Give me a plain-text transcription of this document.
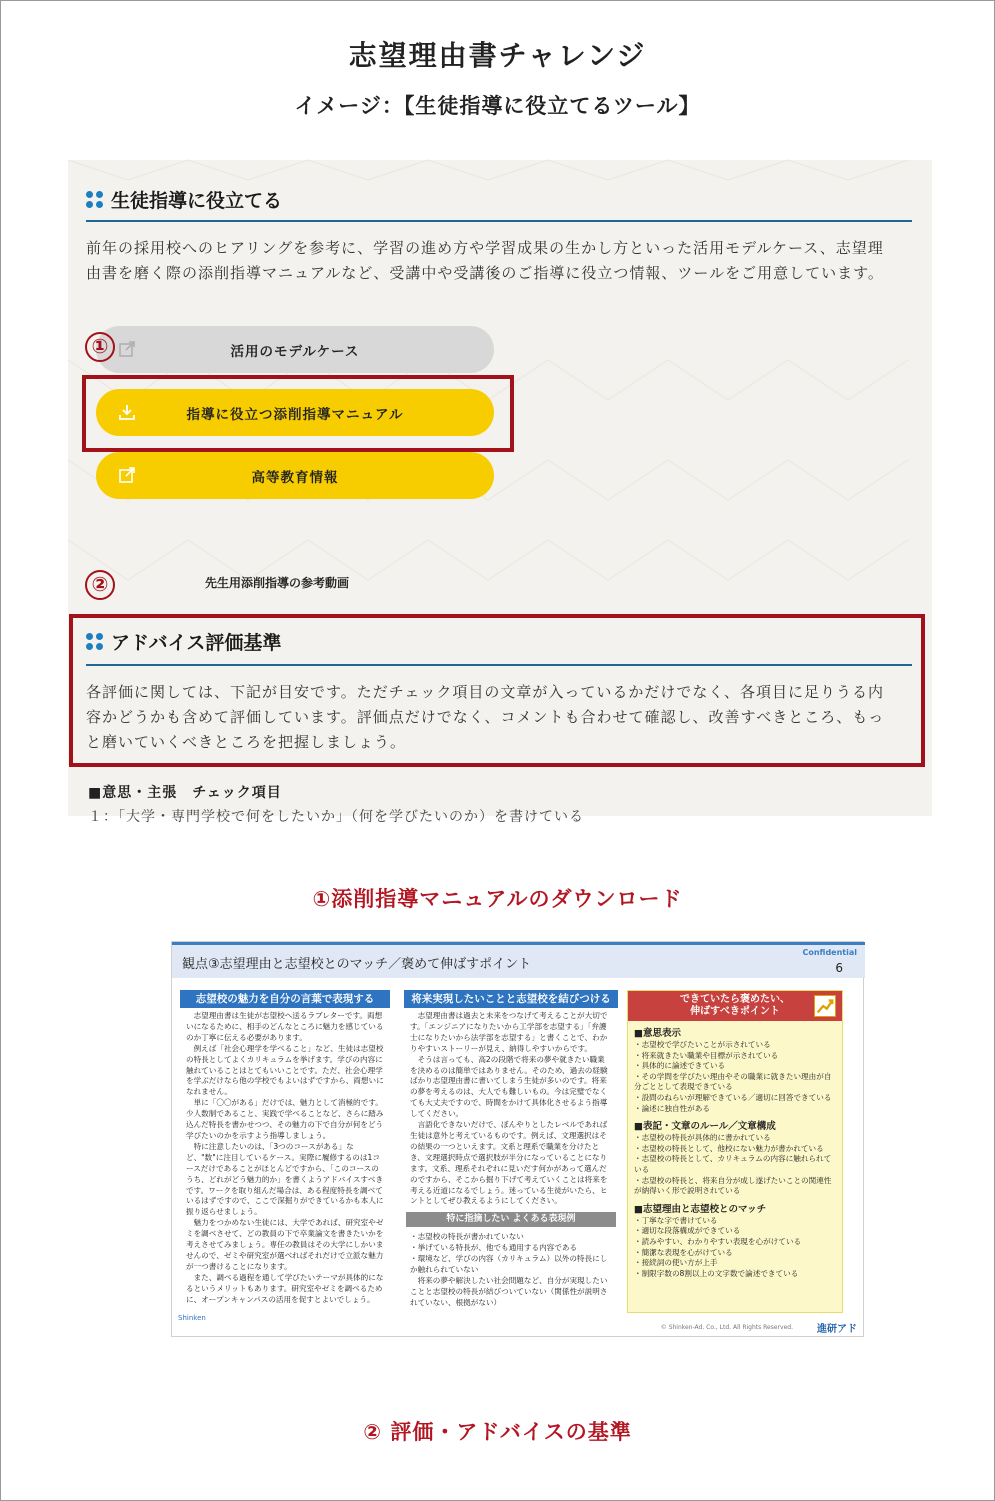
志望理由書チャレンジ
イメージ：【生徒指導に役立てるツール】
生徒指導に役立てる
前年の採用校へのヒアリングを参考に、学習の進め方や学習成果の生かし方といった活用モデルケース、志望理
由書を磨く際の添削指導マニュアルなど、受講中や受講後のご指導に役立つ情報、ツールをご用意しています。
活用のモデルケース
指導に役立つ添削指導マニュアル
高等教育情報
先生用添削指導の参考動画
アドバイス評価基準
各評価に関しては、下記が目安です。ただチェック項目の文章が入っているかだけでなく、各項目に足りうる内
容かどうかも含めて評価しています。評価点だけでなく、コメントも合わせて確認し、改善すべきところ、もっ
と磨いていくべきところを把握しましょう。
■意思・主張　チェック項目
１：「大学・専門学校で何をしたいか」（何を学びたいのか）を書けている
①
②
①添削指導マニュアルのダウンロード
観点③志望理由と志望校とのマッチ／褒めて伸ばすポイント
Confidential
6
志望校の魅力を自分の言葉で表現する
　志望理由書は生徒が志望校へ送るラブレターです。両想いになるために、相手のどんなところに魅力を感じているのか丁寧に伝える必要があります。
　例えば「社会心理学を学べること」など、生徒は志望校の特長としてよくカリキュラムを挙げます。学びの内容に触れていることはとてもいいことです。ただ、社会心理学を学ぶだけなら他の学校でもよいはずですから、両想いになれません。
　単に「〇〇がある」だけでは、魅力として消極的です。少人数制であること、実践で学べることなど、さらに踏み込んだ特長を書かせつつ、その魅力の下で自分が何をどう学びたいのかを示すよう指導しましょう。
　特に注意したいのは、「3つのコースがある」など、"数"に注目しているケース。実際に履修するのは1コースだけであることがほとんどですから、「このコースのうち、どれがどう魅力的か」を書くようアドバイスすべきです。ワークを取り組んだ場合は、ある程度特長を調べているはずですので、ここで深掘りができているかも本人に振り返らせましょう。
　魅力をつかめない生徒には、大学であれば、研究室やゼミを調べさせて、どの教員の下で卒業論文を書きたいかを考えさせてみましょう。専任の教員はその大学にしかいませんので、ゼミや研究室が選べればそれだけで立派な魅力が一つ書けることになります。
　また、調べる過程を通して学びたいテーマが具体的になるというメリットもあります。研究室やゼミを調べるために、オープンキャンパスの活用を促すとよいでしょう。
将来実現したいことと志望校を結びつける
　志望理由書は過去と未来をつなげて考えることが大切です。「エンジニアになりたいから工学部を志望する」「弁護士になりたいから法学部を志望する」と書くことで、わかりやすいストーリーが見え、納得しやすいからです。
　そうは言っても、高2の段階で将来の夢や就きたい職業を決めるのは簡単ではありません。そのため、過去の経験ばかり志望理由書に書いてしまう生徒が多いのです。将来の夢を考えるのは、大人でも難しいもの。今は完璧でなくても大丈夫ですので、時間をかけて具体化させるよう指導してください。
　言語化できないだけで、ぼんやりとしたレベルであれば生徒は意外と考えているものです。例えば、文理選択はその結果の一つといえます。文系と理系で職業を分けたとき、文理選択時点で選択肢が半分になっていることになります。文系、理系それぞれに見いだす何かがあって選んだのですから、そこから掘り下げて考えていくことは将来を考える近道になるでしょう。迷っている生徒がいたら、ヒントとしてぜひ教えるようにしてください。
特に指摘したい よくある表現例
・志望校の特長が書かれていない
・挙げている特長が、他でも通用する内容である
・環境など、学びの内容（カリキュラム）以外の特長にしか触れられていない
　将来の夢や解決したい社会問題など、自分が実現したいことと志望校の特長が結びついていない（関係性が説明されていない、根拠がない）
できていたら褒めたい、
伸ばすべきポイント
■意思表示
・志望校で学びたいことが示されている
・将来就きたい職業や目標が示されている
・具体的に論述できている
・その学問を学びたい理由やその職業に就きたい理由が自分ごととして表現できている
・設問のねらいが理解できている／適切に回答できている
・論述に独自性がある
■表記・文章のルール／文章構成
・志望校の特長が具体的に書かれている
・志望校の特長として、他校にない魅力が書かれている
・志望校の特長として、カリキュラムの内容に触れられている
・志望校の特長と、将来自分が成し遂げたいことの関連性が納得いく形で説明されている
■志望理由と志望校とのマッチ
・丁寧な字で書けている
・適切な段落構成ができている
・読みやすい、わかりやすい表現を心がけている
・簡潔な表現を心がけている
・接続詞の使い方が上手
・制限字数の8割以上の文字数で論述できている
Shinken
© Shinken-Ad. Co., Ltd. All Rights Reserved. 進研アド
② 評価・アドバイスの基準
